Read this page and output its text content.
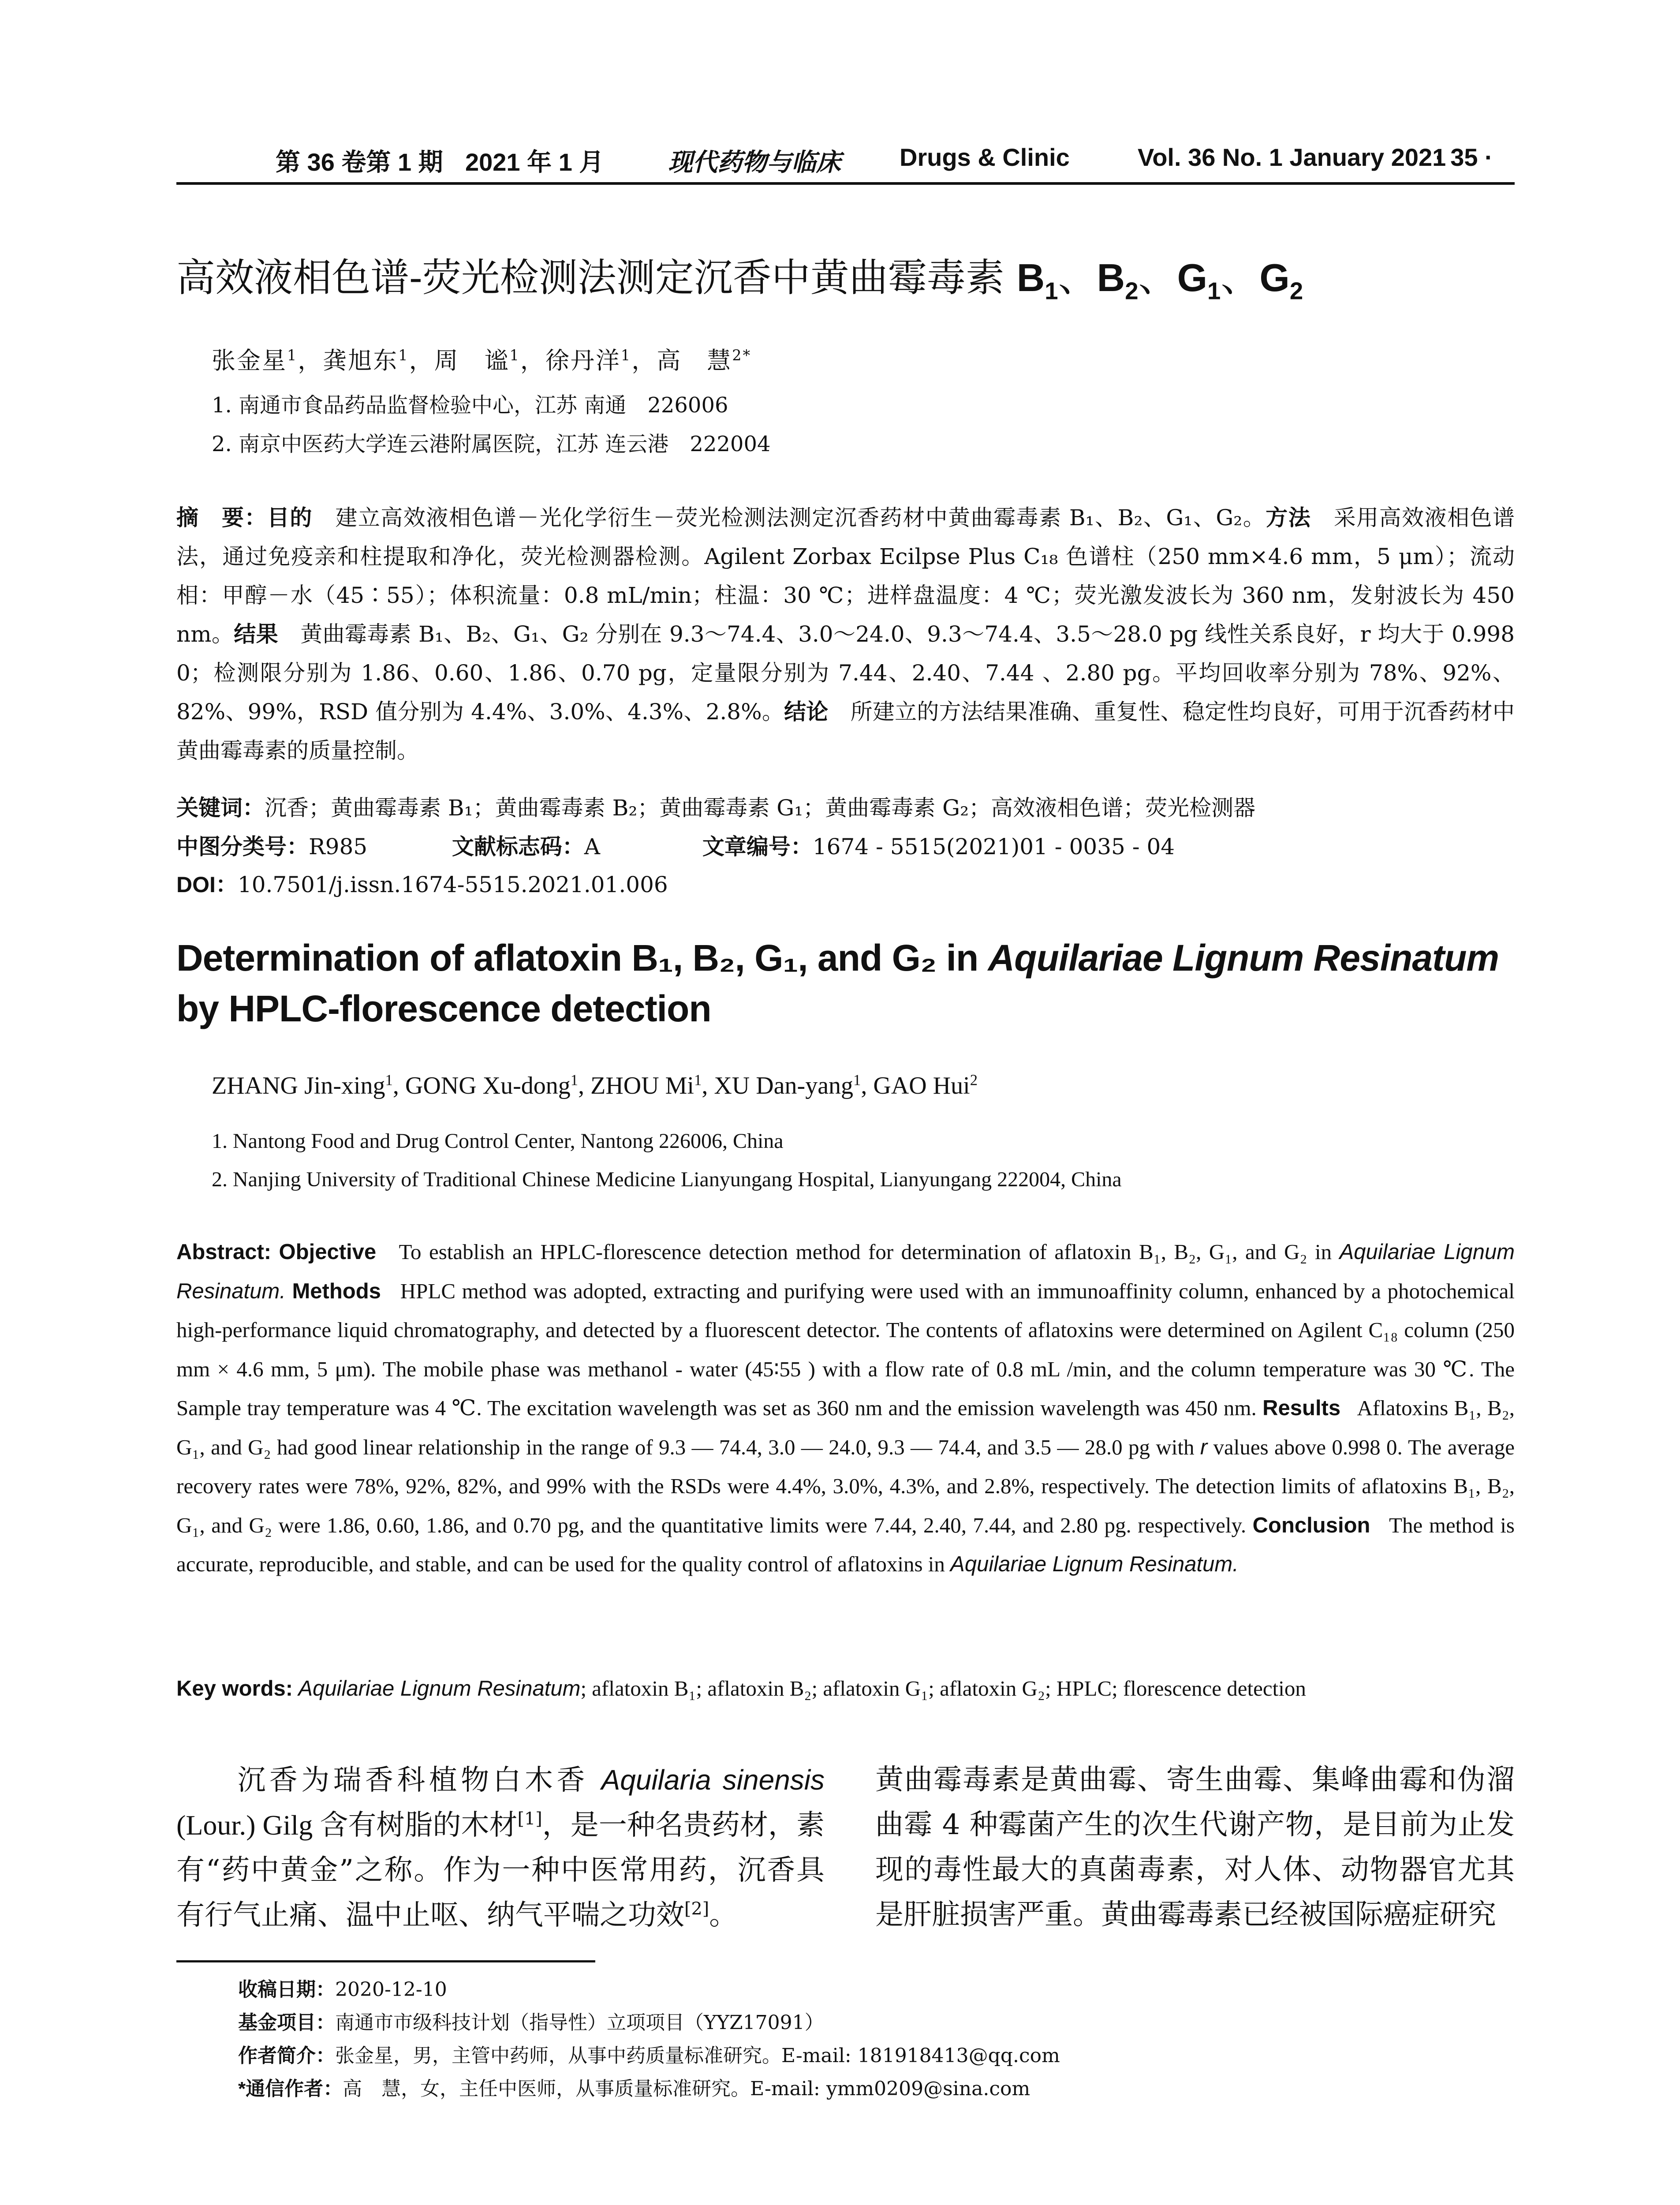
第 36 卷第 1 期 2021 年 1 月	现代药物与临床 Drugs & Clinic	Vol. 36 No. 1 January 2021
· 35 ·
高效液相色谱-荧光检测法测定沉香中黄曲霉毒素 $B_1$、$B_2$、$G_1$、$G_2$
张金星$^1$，龚旭东$^1$，周　谧$^1$，徐丹洋$^1$，高　慧$^{2*}$
1. 南通市食品药品监督检验中心，江苏 南通　226006
2. 南京中医药大学连云港附属医院，江苏 连云港　222004
摘　要：目的　 建立高效液相色谱－光化学衍生－荧光检测法测定沉香药材中黄曲霉毒素 B₁、B₂、G₁、G₂。方法　 采用高效液相色谱法，通过免疫亲和柱提取和净化，荧光检测器检测。Agilent Zorbax Ecilpse Plus C₁₈ 色谱柱（250 mm×4.6 mm，5 μm）；流动相：甲醇－水（45∶55）；体积流量：0.8 mL/min；柱温：30 ℃；进样盘温度：4 ℃；荧光激发波长为 360 nm，发射波长为 450 nm。结果　 黄曲霉毒素 B₁、B₂、G₁、G₂ 分别在 9.3～74.4、3.0～24.0、9.3～74.4、3.5～28.0 pg 线性关系良好，r 均大于 0.998 0；检测限分别为 1.86、0.60、1.86、0.70 pg，定量限分别为 7.44、2.40、7.44 、2.80 pg。平均回收率分别为 78%、92%、82%、99%，RSD 值分别为 4.4%、3.0%、4.3%、2.8%。结论　 所建立的方法结果准确、重复性、稳定性均良好，可用于沉香药材中黄曲霉毒素的质量控制。
关键词：沉香；黄曲霉毒素 B₁；黄曲霉毒素 B₂；黄曲霉毒素 G₁；黄曲霉毒素 G₂；高效液相色谱；荧光检测器
中图分类号：R985	文献标志码：A	文章编号：1674 - 5515(2021)01 - 0035 - 04
DOI：10.7501/j.issn.1674-5515.2021.01.006
Determination of aflatoxin B₁, B₂, G₁, and G₂ in Aquilariae Lignum Resinatum by HPLC-florescence detection
ZHANG Jin-xing$^1$, GONG Xu-dong$^1$, ZHOU Mi$^1$, XU Dan-yang$^1$, GAO Hui$^2$
1. Nantong Food and Drug Control Center, Nantong 226006, China
2. Nanjing University of Traditional Chinese Medicine Lianyungang Hospital, Lianyungang 222004, China
Abstract: Objective To establish an HPLC-florescence detection method for determination of aflatoxin B₁, B₂, G₁, and G₂ in Aquilariae Lignum Resinatum. Methods HPLC method was adopted, extracting and purifying were used with an immunoaffinity column, enhanced by a photochemical high-performance liquid chromatography, and detected by a fluorescent detector. The contents of aflatoxins were determined on Agilent C₁₈ column (250 mm × 4.6 mm, 5 μm). The mobile phase was methanol - water (45∶55 ) with a flow rate of 0.8 mL /min, and the column temperature was 30 ℃. The Sample tray temperature was 4 ℃. The excitation wavelength was set as 360 nm and the emission wavelength was 450 nm. Results Aflatoxins B₁, B₂, G₁, and G₂ had good linear relationship in the range of 9.3 — 74.4, 3.0 — 24.0, 9.3 — 74.4, and 3.5 — 28.0 pg with r values above 0.998 0. The average recovery rates were 78%, 92%, 82%, and 99% with the RSDs were 4.4%, 3.0%, 4.3%, and 2.8%, respectively. The detection limits of aflatoxins B₁, B₂, G₁, and G₂ were 1.86, 0.60, 1.86, and 0.70 pg, and the quantitative limits were 7.44, 2.40, 7.44, and 2.80 pg. respectively. Conclusion The method is accurate, reproducible, and stable, and can be used for the quality control of aflatoxins in Aquilariae Lignum Resinatum.
Key words: Aquilariae Lignum Resinatum; aflatoxin B₁; aflatoxin B₂; aflatoxin G₁; aflatoxin G₂; HPLC; florescence detection
沉香为瑞香科植物白木香 Aquilaria sinensis (Lour.) Gilg 含有树脂的木材[1]，是一种名贵药材，素有“药中黄金”之称。作为一种中医常用药，沉香具有行气止痛、温中止呕、纳气平喘之功效[2]。
黄曲霉毒素是黄曲霉、寄生曲霉、集峰曲霉和伪溜曲霉 4 种霉菌产生的次生代谢产物，是目前为止发现的毒性最大的真菌毒素，对人体、动物器官尤其是肝脏损害严重。黄曲霉毒素已经被国际癌症研究
收稿日期：2020-12-10
基金项目：南通市市级科技计划（指导性）立项项目（YYZ17091）
作者简介：张金星，男，主管中药师，从事中药质量标准研究。E-mail: 181918413@qq.com
*通信作者：高　慧，女，主任中医师，从事质量标准研究。E-mail: ymm0209@sina.com
